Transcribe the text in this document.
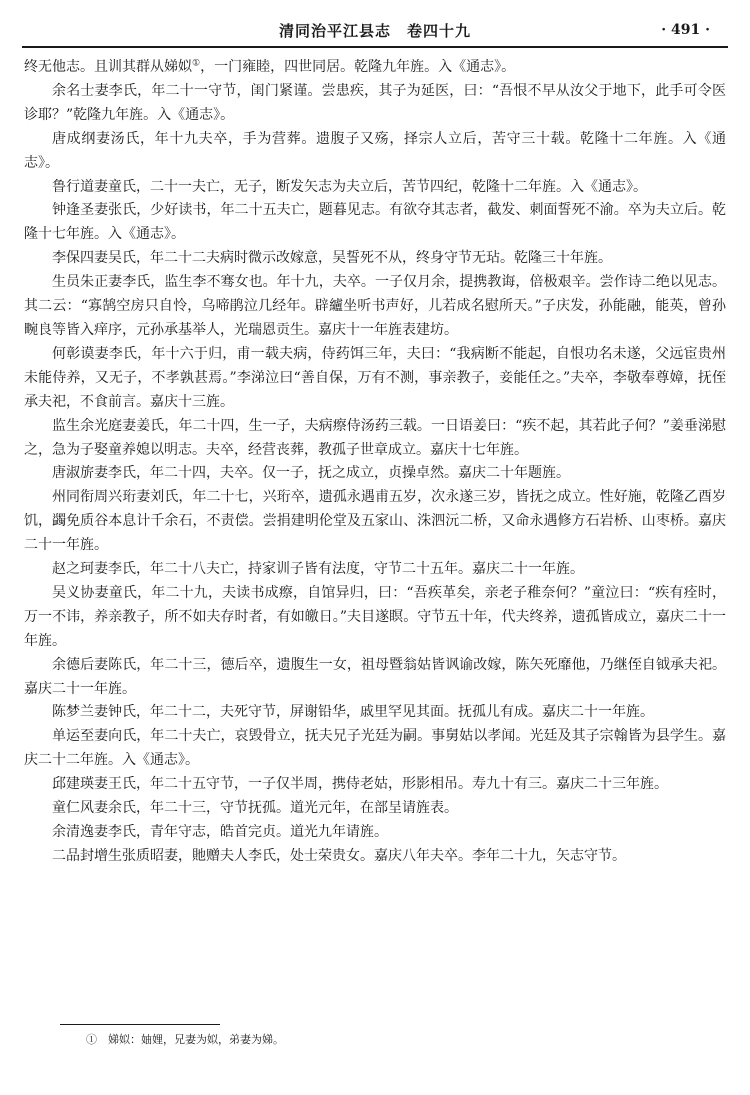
清同治平江县志　卷四十九	· 491 ·

终无他志。且训其群从娣姒①，一门雍睦，四世同居。乾隆九年旌。入《通志》。

余名士妻李氏，年二十一守节，闺门紧谨。尝患疾，其子为延医，曰：“吾恨不早从汝父于地下，此手可令医诊耶？”乾隆九年旌。入《通志》。

唐成纲妻汤氏，年十九夫卒，手为营葬。遗腹子又殇，择宗人立后，苦守三十载。乾隆十二年旌。入《通志》。

鲁行道妻童氏，二十一夫亡，无子，断发矢志为夫立后，苦节四纪，乾隆十二年旌。入《通志》。

钟逢圣妻张氏，少好读书，年二十五夫亡，题暮见志。有欲夺其志者，截发、刺面誓死不渝。卒为夫立后。乾隆十七年旌。入《通志》。

李保四妻吴氏，年二十二夫病时微示改嫁意，吴誓死不从，终身守节无玷。乾隆三十年旌。

生员朱正妻李氏，监生李不骞女也。年十九，夫卒。一子仅月余，提携教诲，倍极艰辛。尝作诗二绝以见志。其二云：“寡鹄空房只自怜，乌啼鹃泣几经年。辟纑坐听书声好，儿若成名慰所天。”子庆发，孙能融，能英，曾孙畹良等皆入痒序，元孙承基举人，光瑞恩贡生。嘉庆十一年旌表建坊。

何彰谟妻李氏，年十六于归，甫一载夫病，侍药饵三年，夫曰：“我病断不能起，自恨功名未遂，父远宦贵州未能侍养，又无子，不孝孰甚焉。”李涕泣曰“善自保，万有不测，事亲教子，妾能任之。”夫卒，李敬奉尊嫜，抚侄承夫祀，不食前言。嘉庆十三旌。

监生余光庭妻姜氏，年二十四，生一子，夫病瘵侍汤药三载。一日语姜曰：“疾不起，其若此子何？”姜垂涕慰之，急为子娶童养媳以明志。夫卒，经营丧葬，教孤子世章成立。嘉庆十七年旌。

唐淑旂妻李氏，年二十四，夫卒。仅一子，抚之成立，贞操卓然。嘉庆二十年题旌。

州同衔周兴珩妻刘氏，年二十七，兴珩卒，遗孤永遇甫五岁，次永遂三岁，皆抚之成立。性好施，乾隆乙酉岁饥，蠲免质谷本息计千余石，不责偿。尝捐建明伦堂及五家山、洙泗沅二桥，又命永遇修方石岩桥、山枣桥。嘉庆二十一年旌。

赵之珂妻李氏，年二十八夫亡，持家训子皆有法度，守节二十五年。嘉庆二十一年旌。

吴义协妻童氏，年二十九，夫读书成瘵，自馆异归，曰：“吾疾革矣，亲老子稚奈何？”童泣曰：“疾有痊时，万一不讳，养亲教子，所不如夫存时者，有如皦日。”夫目遂瞑。守节五十年，代夫终养，遗孤皆成立，嘉庆二十一年旌。

余德后妻陈氏，年二十三，德后卒，遗腹生一女，祖母暨翁姑皆讽谕改嫁，陈矢死靡他，乃继侄自钺承夫祀。嘉庆二十一年旌。

陈梦兰妻钟氏，年二十二，夫死守节，屏谢铅华，戚里罕见其面。抚孤儿有成。嘉庆二十一年旌。

单运至妻向氏，年二十夫亡，哀毁骨立，抚夫兄子光廷为嗣。事舅姑以孝闻。光廷及其子宗翰皆为县学生。嘉庆二十二年旌。入《通志》。

邱建瑛妻王氏，年二十五守节，一子仅半周，携侍老姑，形影相吊。寿九十有三。嘉庆二十三年旌。

童仁风妻余氏，年二十三，守节抚孤。道光元年，在部呈请旌表。

余清逸妻李氏，青年守志，皓首完贞。道光九年请旌。

二品封增生张质昭妻，貤赠夫人李氏，处士荣贵女。嘉庆八年夫卒。李年二十九，矢志守节。

①　娣姒：妯娌，兄妻为姒，弟妻为娣。
